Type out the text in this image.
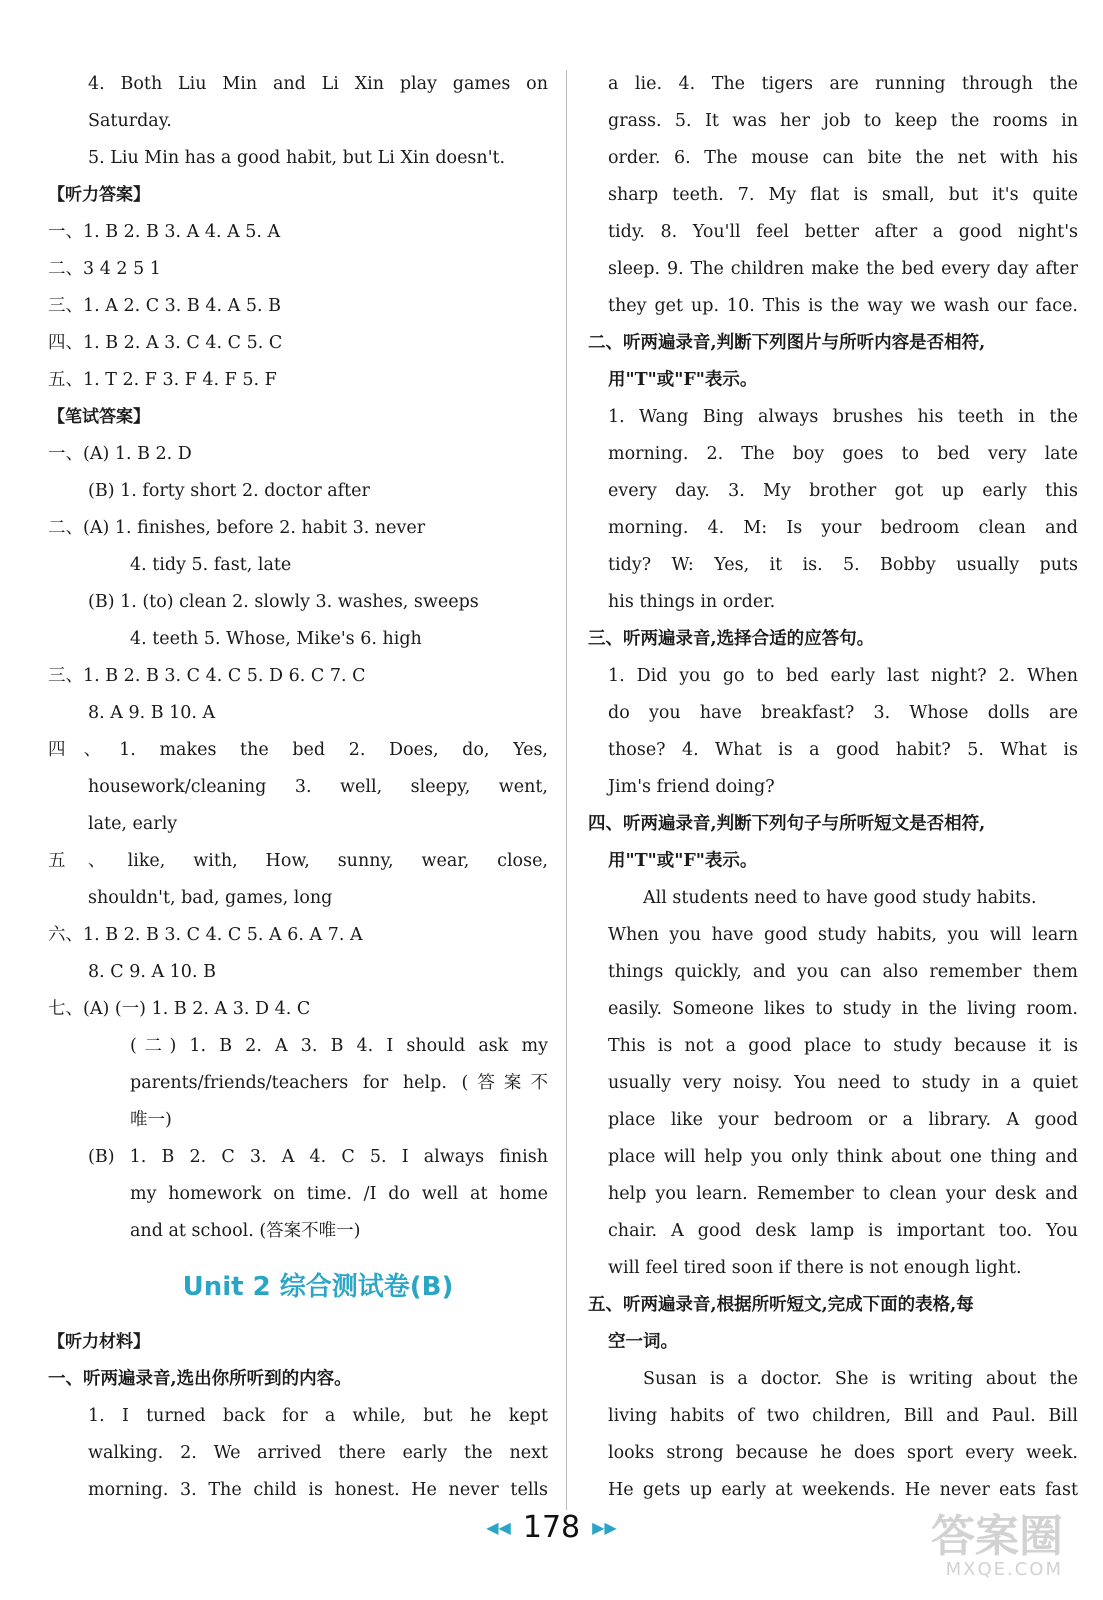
4. Both Liu Min and Li Xin play games on
Saturday.
5. Liu Min has a good habit, but Li Xin doesn't.
【听力答案】
一、1. B 2. B 3. A 4. A 5. A
二、3 4 2 5 1
三、1. A 2. C 3. B 4. A 5. B
四、1. B 2. A 3. C 4. C 5. C
五、1. T 2. F 3. F 4. F 5. F
【笔试答案】
一、(A) 1. B 2. D
(B) 1. forty short 2. doctor after
二、(A) 1. finishes, before 2. habit 3. never
4. tidy 5. fast, late
(B) 1. (to) clean 2. slowly 3. washes, sweeps
4. teeth 5. Whose, Mike's 6. high
三、1. B 2. B 3. C 4. C 5. D 6. C 7. C
8. A 9. B 10. A
四、1. makes the bed 2. Does, do, Yes,
housework/cleaning 3. well, sleepy, went,
late, early
五、like, with, How, sunny, wear, close,
shouldn't, bad, games, long
六、1. B 2. B 3. C 4. C 5. A 6. A 7. A
8. C 9. A 10. B
七、(A) (一) 1. B 2. A 3. D 4. C
(二) 1. B 2. A 3. B 4. I should ask my
parents/friends/teachers for help. (答案不
唯一)
(B) 1. B 2. C 3. A 4. C 5. I always finish
my homework on time. /I do well at home
and at school. (答案不唯一)
Unit 2 综合测试卷(B)
【听力材料】
一、听两遍录音,选出你所听到的内容。
1. I turned back for a while, but he kept
walking. 2. We arrived there early the next
morning. 3. The child is honest. He never tells
a lie. 4. The tigers are running through the
grass. 5. It was her job to keep the rooms in
order. 6. The mouse can bite the net with his
sharp teeth. 7. My flat is small, but it's quite
tidy. 8. You'll feel better after a good night's
sleep. 9. The children make the bed every day after
they get up. 10. This is the way we wash our face.
二、听两遍录音,判断下列图片与所听内容是否相符,
用"T"或"F"表示。
1. Wang Bing always brushes his teeth in the
morning. 2. The boy goes to bed very late
every day. 3. My brother got up early this
morning. 4. M: Is your bedroom clean and
tidy? W: Yes, it is. 5. Bobby usually puts
his things in order.
三、听两遍录音,选择合适的应答句。
1. Did you go to bed early last night? 2. When
do you have breakfast? 3. Whose dolls are
those? 4. What is a good habit? 5. What is
Jim's friend doing?
四、听两遍录音,判断下列句子与所听短文是否相符,
用"T"或"F"表示。
All students need to have good study habits.
When you have good study habits, you will learn
things quickly, and you can also remember them
easily. Someone likes to study in the living room.
This is not a good place to study because it is
usually very noisy. You need to study in a quiet
place like your bedroom or a library. A good
place will help you only think about one thing and
help you learn. Remember to clean your desk and
chair. A good desk lamp is important too. You
will feel tired soon if there is not enough light.
五、听两遍录音,根据所听短文,完成下面的表格,每
空一词。
Susan is a doctor. She is writing about the
living habits of two children, Bill and Paul. Bill
looks strong because he does sport every week.
He gets up early at weekends. He never eats fast
◀◀ 178 ▶▶	答案圈
MXQE.COM
